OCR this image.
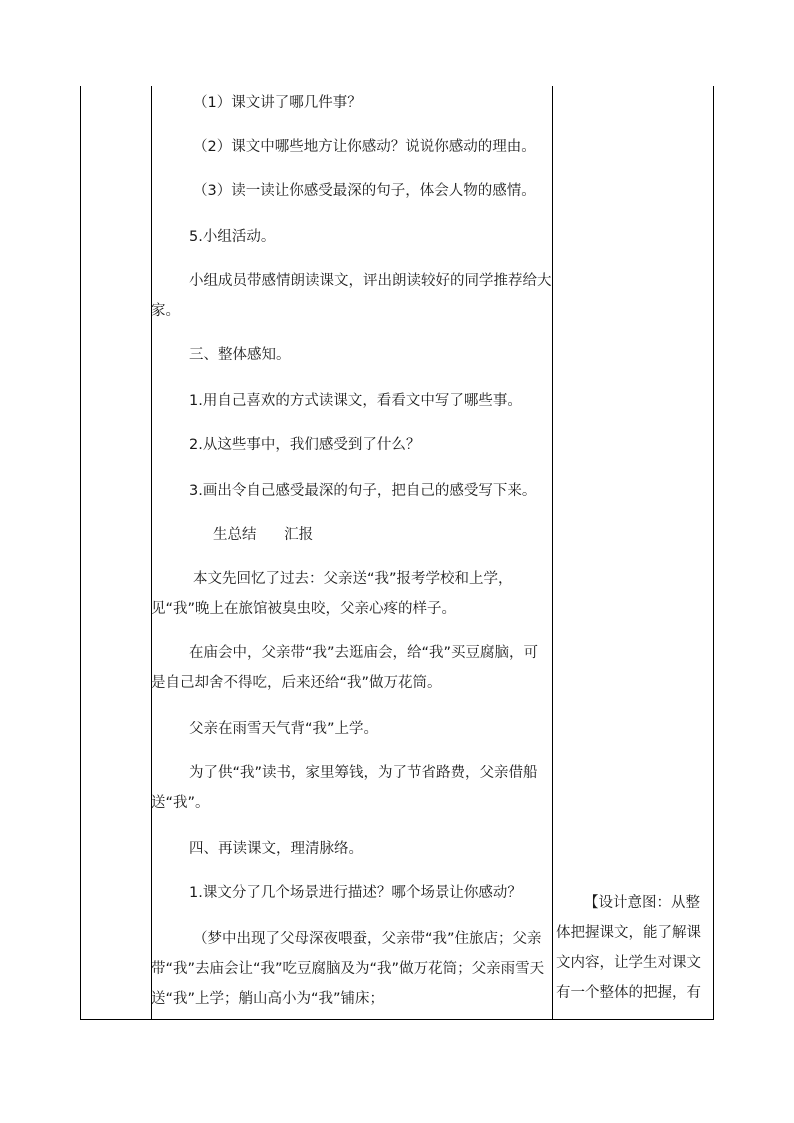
（1）课文讲了哪几件事？
（2）课文中哪些地方让你感动？说说你感动的理由。
（3）读一读让你感受最深的句子，体会人物的感情。
5.小组活动。
小组成员带感情朗读课文，评出朗读较好的同学推荐给大家。
三、整体感知。
1.用自己喜欢的方式读课文，看看文中写了哪些事。
2.从这些事中，我们感受到了什么？
3.画出令自己感受最深的句子，把自己的感受写下来。
生总结      汇报
本文先回忆了过去：父亲送“我”报考学校和上学，见“我”晚上在旅馆被臭虫咬，父亲心疼的样子。
在庙会中，父亲带“我”去逛庙会，给“我”买豆腐脑，可是自己却舍不得吃，后来还给“我”做万花筒。
父亲在雨雪天气背“我”上学。
为了供“我”读书，家里筹钱，为了节省路费，父亲借船送“我”。
四、再读课文，理清脉络。
1.课文分了几个场景进行描述？哪个场景让你感动？
（梦中出现了父母深夜喂蚕，父亲带“我”住旅店；父亲带“我”去庙会让“我”吃豆腐脑及为“我”做万花筒；父亲雨雪天送“我”上学；艄山高小为“我”铺床；
【设计意图：从整体把握课文，能了解课文内容，让学生对课文有一个整体的把握，有
